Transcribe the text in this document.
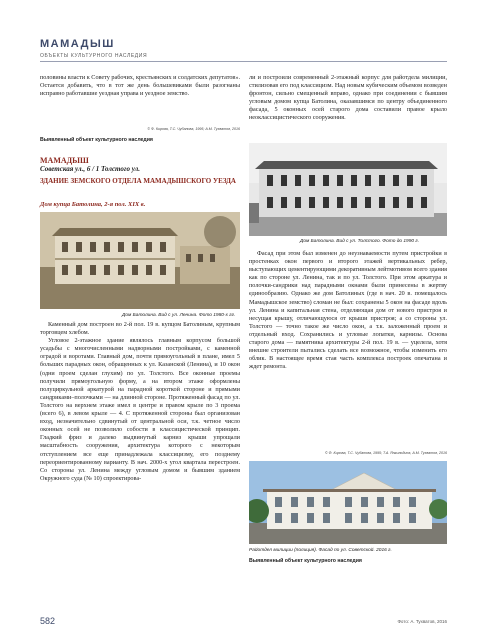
МАМАДЫШ
ОБЪЕКТЫ КУЛЬТУРНОГО НАСЛЕДИЯ

половины власти к Совету рабочих, крестьянских и солдатских депутатов». Остается добавить, что в тот же день большевиками были разогнаны исправно работавшие уездная управа и уездное земство.

© Ф. Кирова, Т.С. Чубанова, 1995; А.М. Тухватов, 2016
Выявленный объект культурного наследия
МАМАДЫШ
Советская ул., 6 / 1 Толстого ул.
ЗДАНИЕ ЗЕМСКОГО ОТДЕЛА МАМАДЫШСКОГО УЕЗДА
Дом купца Батолина, 2-я пол. XIX в.
Дом Батолина. Вид с ул. Ленина. Фото 1980-х гг.

Каменный дом построен во 2-й пол. 19 в. купцом Батолиным, крупным торговцем хлебом.

Угловое 2-этажное здание являлось главным корпусом большой усадьбы с многочисленными надворными постройками, с каменной оградой и воротами. Главный дом, почти прямоугольный в плане, имел 5 больших парадных окон, обращенных к ул. Казанской (Ленина), и 10 окон (одни проем сделан глухим) по ул. Толстого. Все оконные проемы получили прямоугольную форму, а на втором этаже оформлены полуциркульной аркатурой на парадной короткой стороне и прямыми сандриками–полочками — на длинной стороне. Протяженный фасад по ул. Толстого на верхнем этаже имел в центре и правом крыле по 3 проема (всего 6), в левом крыле — 4. С протяженной стороны был организован вход, незначительно сдвинутый от центральной оси, т.к. четное число оконных осей не позволило собости в классицистической принцип. Гладкий фриз и далеко выдвинутый карниз крыши упрощали масштабность сооружения, архитектура которого с некоторым отступлением все еще принадлежала классицизму, его позднему переориентированному варианту. В нач. 2000-х угол квартала перестроен. Со стороны ул. Ленина между угловым домом и бывшим зданием Окружного суда (№ 10) спроектирова-

ли и построили современный 2-этажный корпус для райотдела милиции, стилизовав его под классицизм. Над новым кубическим объемом возведен фронтон, сильно смещенный вправо, однако при соединении с бывшим угловым домом купца Батолина, оказавшимся по центру объединенного фасада, 5 оконных осей старого дома составили правое крыло неоклассицистического сооружения.

Дом Батолина. Вид с ул. Толстого. Фото до 1990 г.

Фасад при этом был изменен до неузнаваемости путем пристройки в простенках окон первого и второго этажей вертикальных ребер, выступающих цементирующими декоративным лейтмотивом всего здания как по стороне ул. Ленина, так и по ул. Толстого. При этом аркатура и полочки-сандрики над парадными окнами были принесены в жертву единообразию. Однако же дом Батолиных (где в нач. 20 в. помещалось Мамадышское земство) сломан не был: сохранены 5 окон на фасаде вдоль ул. Ленина и капитальная стена, отделяющая дом от нового пристроя и несущая крышу, отличающуюся от крыши пристроя; а со стороны ул. Толстого — точно такое же число окон, а т.к. заложенный проем и отдельный вход. Сохранились и угловые лопатки, карнизы. Основа старого дома — памятника архитектуры 2-й пол. 19 в. — уцелела, хотя внешне строители пытались сделать все возможное, чтобы изменить его облик. В настоящее время стая часть комплекса построек опечатана и ждет ремонта.

© Ф. Кирова, Т.С. Чубанова, 1995; Т.А. Янгильдина, А.М. Тухватов, 2016
Райотдел милиции (полиция). Фасад по ул. Советской. 2016 г.
Выявленный объект культурного наследия
582	Фото: А. Тухватов, 2016
